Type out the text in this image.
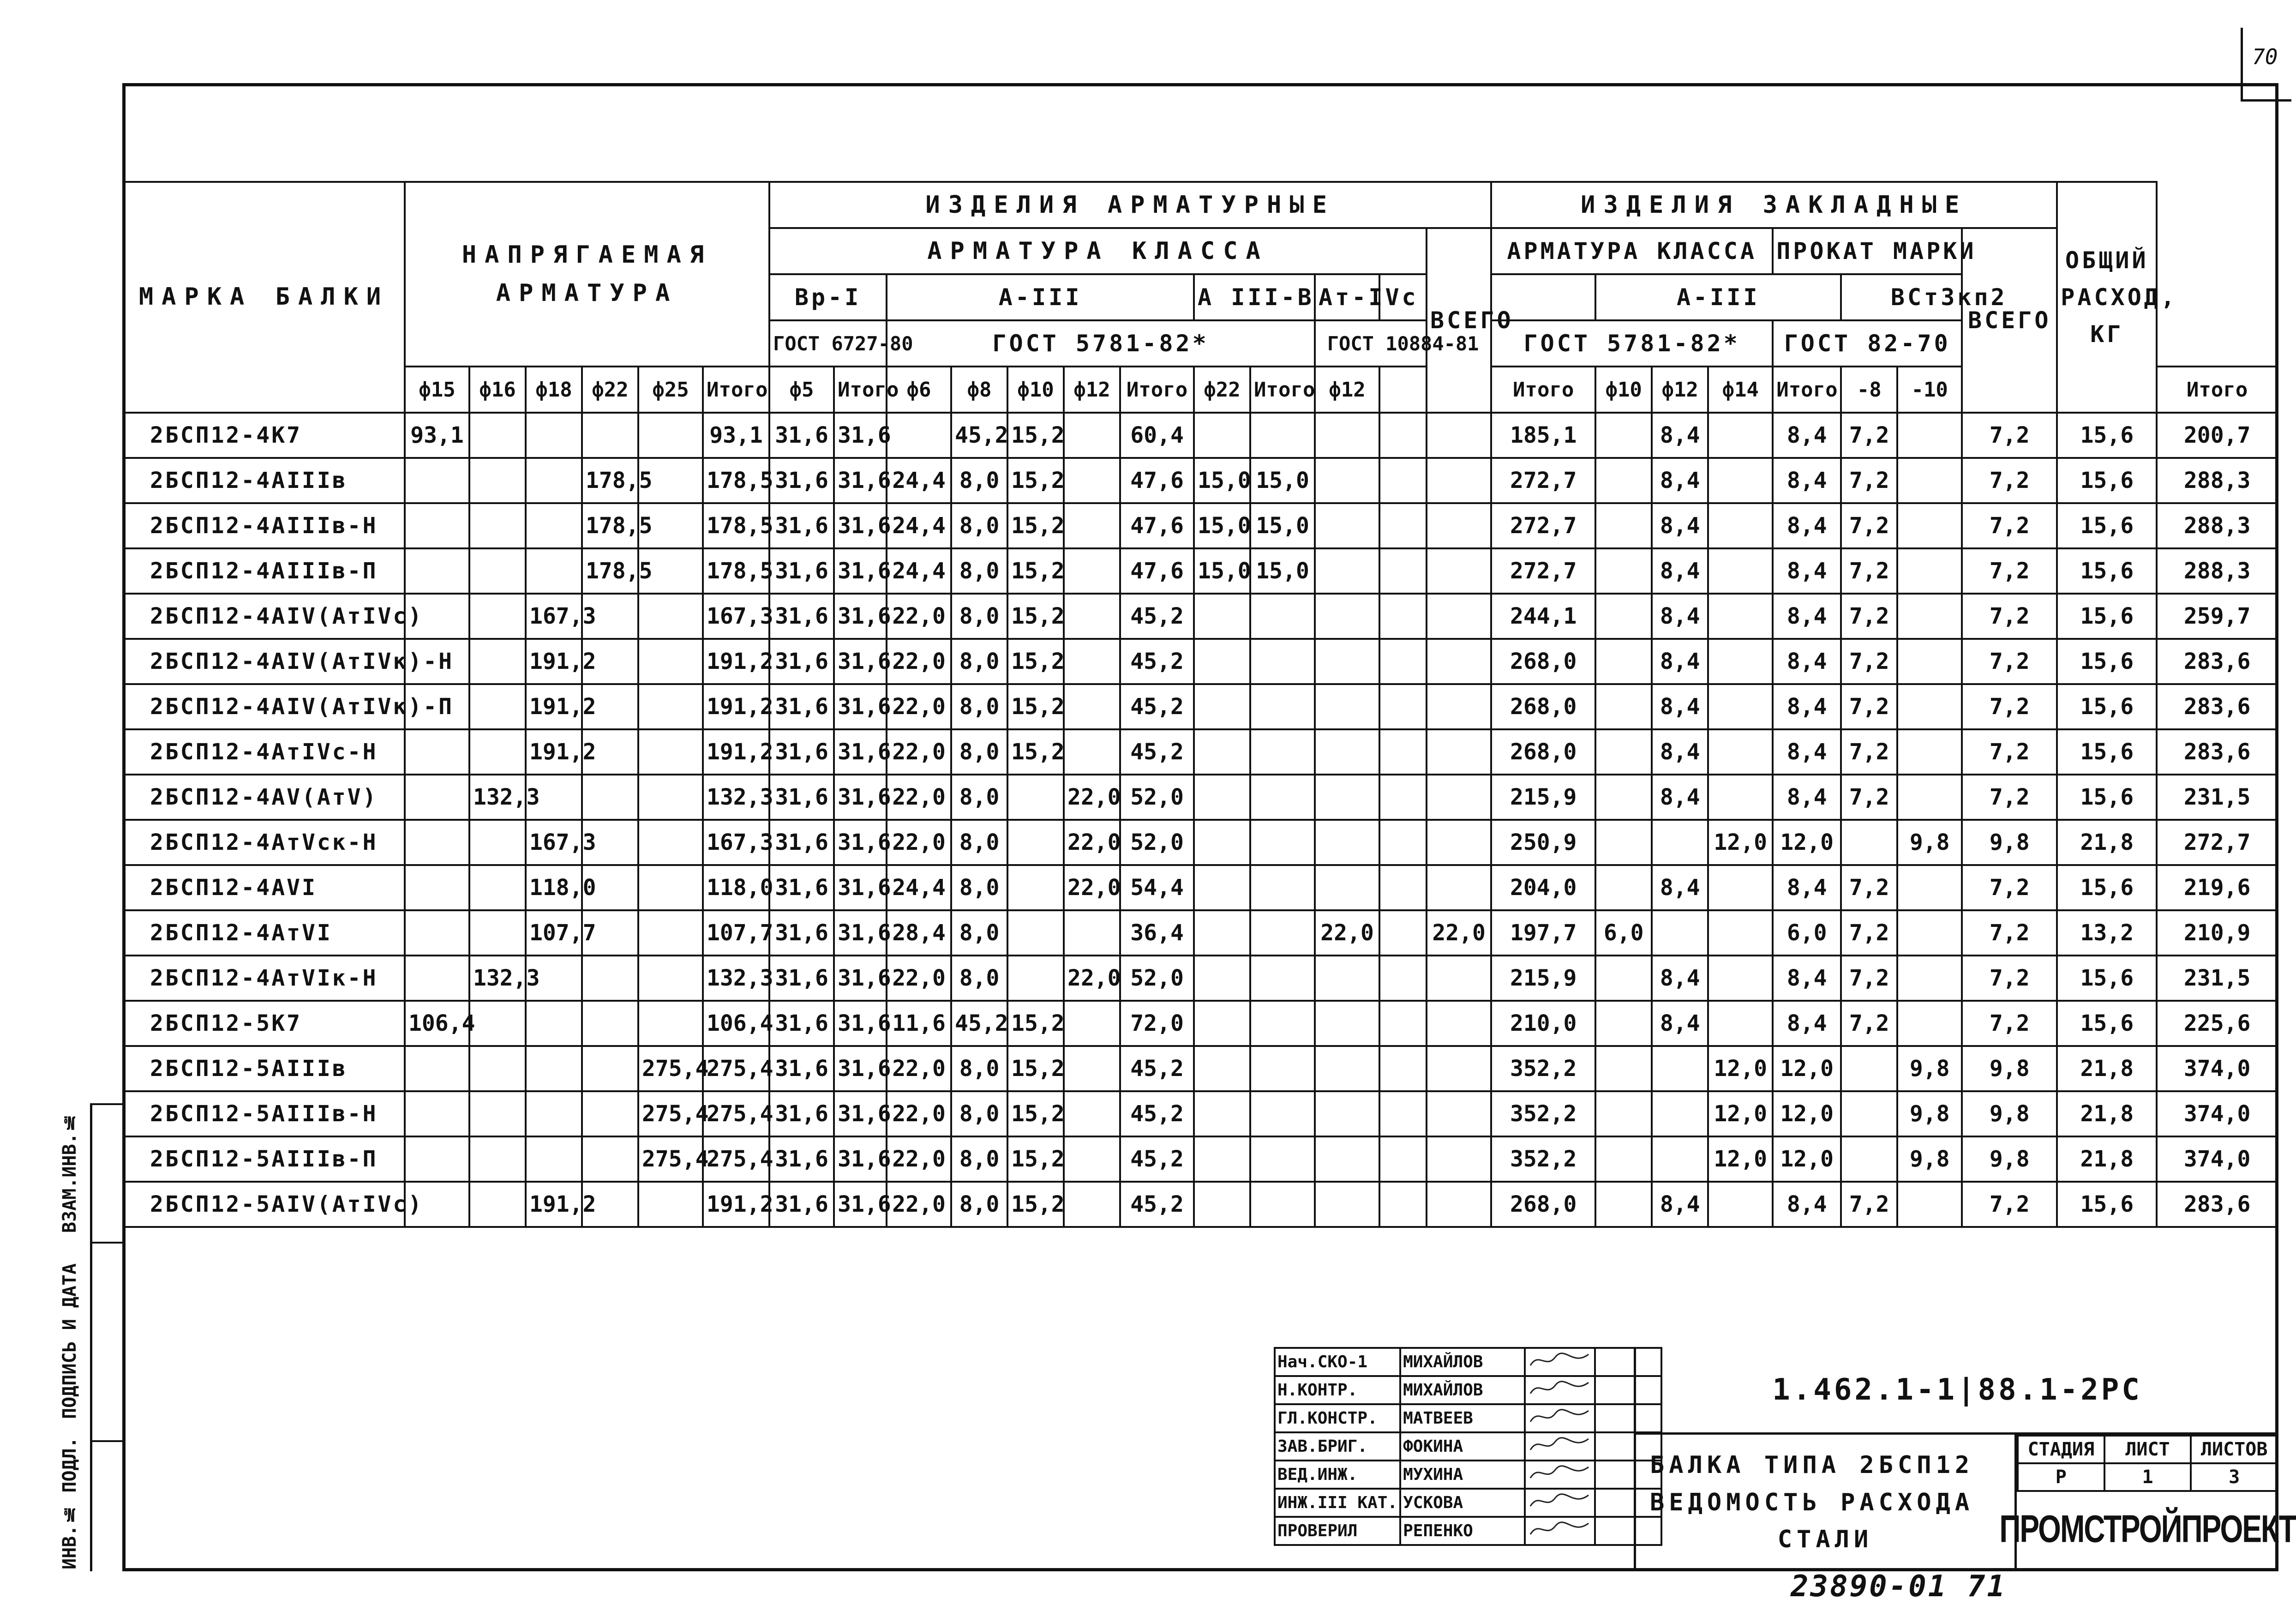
70
МАРКА БАЛКИ	НАПРЯГАЕМАЯ АРМАТУРА						ИЗДЕЛИЯ АРМАТУРНЫЕ												ИЗДЕЛИЯ ЗАКЛАДНЫЕ								ОБЩИЙ РАСХОД, КГ	
							АРМАТУРА КЛАССА											ВСЕГО	АРМАТУРА КЛАССА				ПРОКАТ МАРКИ			ВСЕГО		
							Вр-I		А-III					А III-В		Ат-IVс				А-III				ВСт3кп2				
							ГОСТ 6727-80		ГОСТ 5781-82*							ГОСТ 10884-81			ГОСТ 5781-82*				ГОСТ 82-70					
	ф15	ф16	ф18	ф22	ф25	Итого	ф5	Итого	ф6	ф8	ф10	ф12	Итого	ф22	Итого	ф12			Итого	ф10	ф12	ф14	Итого	-8	-10			Итого
2БСП12-4К7	93,1					93,1	31,6	31,6		45,2	15,2		60,4						185,1		8,4		8,4	7,2		7,2	15,6	200,7
2БСП12-4АIIIв				178,5		178,5	31,6	31,6	24,4	8,0	15,2		47,6	15,0	15,0				272,7		8,4		8,4	7,2		7,2	15,6	288,3
2БСП12-4АIIIв-Н				178,5		178,5	31,6	31,6	24,4	8,0	15,2		47,6	15,0	15,0				272,7		8,4		8,4	7,2		7,2	15,6	288,3
2БСП12-4АIIIв-П				178,5		178,5	31,6	31,6	24,4	8,0	15,2		47,6	15,0	15,0				272,7		8,4		8,4	7,2		7,2	15,6	288,3
2БСП12-4АIV(АтIVс)			167,3			167,3	31,6	31,6	22,0	8,0	15,2		45,2						244,1		8,4		8,4	7,2		7,2	15,6	259,7
2БСП12-4АIV(АтIVк)-Н			191,2			191,2	31,6	31,6	22,0	8,0	15,2		45,2						268,0		8,4		8,4	7,2		7,2	15,6	283,6
2БСП12-4АIV(АтIVк)-П			191,2			191,2	31,6	31,6	22,0	8,0	15,2		45,2						268,0		8,4		8,4	7,2		7,2	15,6	283,6
2БСП12-4АтIVс-Н			191,2			191,2	31,6	31,6	22,0	8,0	15,2		45,2						268,0		8,4		8,4	7,2		7,2	15,6	283,6
2БСП12-4АV(АтV)		132,3				132,3	31,6	31,6	22,0	8,0		22,0	52,0						215,9		8,4		8,4	7,2		7,2	15,6	231,5
2БСП12-4АтVск-Н			167,3			167,3	31,6	31,6	22,0	8,0		22,0	52,0						250,9			12,0	12,0		9,8	9,8	21,8	272,7
2БСП12-4АVI			118,0			118,0	31,6	31,6	24,4	8,0		22,0	54,4						204,0		8,4		8,4	7,2		7,2	15,6	219,6
2БСП12-4АтVI			107,7			107,7	31,6	31,6	28,4	8,0			36,4			22,0		22,0	197,7	6,0			6,0	7,2		7,2	13,2	210,9
2БСП12-4АтVIк-Н		132,3				132,3	31,6	31,6	22,0	8,0		22,0	52,0						215,9		8,4		8,4	7,2		7,2	15,6	231,5
2БСП12-5К7	106,4					106,4	31,6	31,6	11,6	45,2	15,2		72,0						210,0		8,4		8,4	7,2		7,2	15,6	225,6
2БСП12-5АIIIв					275,4	275,4	31,6	31,6	22,0	8,0	15,2		45,2						352,2			12,0	12,0		9,8	9,8	21,8	374,0
2БСП12-5АIIIв-Н					275,4	275,4	31,6	31,6	22,0	8,0	15,2		45,2						352,2			12,0	12,0		9,8	9,8	21,8	374,0
2БСП12-5АIIIв-П					275,4	275,4	31,6	31,6	22,0	8,0	15,2		45,2						352,2			12,0	12,0		9,8	9,8	21,8	374,0
2БСП12-5АIV(АтIVс)			191,2			191,2	31,6	31,6	22,0	8,0	15,2		45,2						268,0		8,4		8,4	7,2		7,2	15,6	283,6
ВЗАМ.ИНВ.№
ПОДПИСЬ И ДАТА
ИНВ.№ ПОДЛ.
Нач.СКО-1	МИХАЙЛОВ		
Н.КОНТР.	МИХАЙЛОВ		
ГЛ.КОНСТР.	МАТВЕЕВ		
ЗАВ.БРИГ.	ФОКИНА		
ВЕД.ИНЖ.	МУХИНА		
ИНЖ.III КАТ.	УСКОВА		
ПРОВЕРИЛ	РЕПЕНКО		
1.462.1-1|88.1-2РС
БАЛКА ТИПА 2БСП12
ВЕДОМОСТЬ РАСХОДА

СТАЛИ
СТАДИЯ	ЛИСТ	ЛИСТОВ
Р	1	3
ПРОМСТРОЙПРОЕКТ
23890-01 71
